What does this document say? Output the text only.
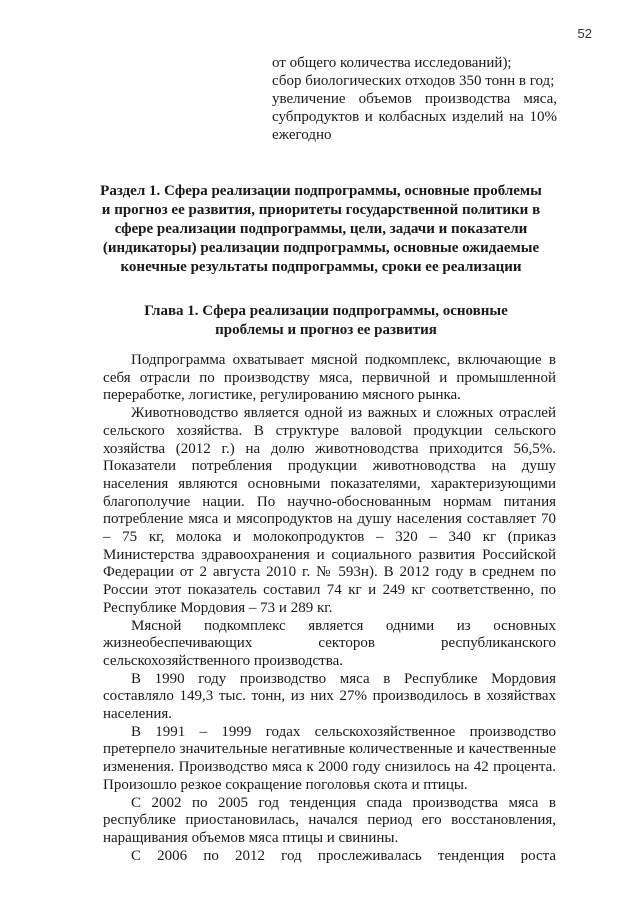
52

от общего количества исследований);

сбор биологических отходов 350 тонн в год;

увеличение объемов производства мяса, субпродуктов и колбасных изделий на 10% ежегодно

Раздел 1. Сфера реализации подпрограммы, основные проблемы и прогноз ее развития, приоритеты государственной политики в сфере реализации подпрограммы, цели, задачи и показатели (индикаторы) реализации подпрограммы, основные ожидаемые конечные результаты подпрограммы, сроки ее реализации
Глава 1. Сфера реализации подпрограммы, основные проблемы и прогноз ее развития

Подпрограмма охватывает мясной подкомплекс, включающие в себя отрасли по производству мяса, первичной и промышленной переработке, логистике, регулированию мясного рынка.

Животноводство является одной из важных и сложных отраслей сельского хозяйства. В структуре валовой продукции сельского хозяйства (2012 г.) на долю животноводства приходится 56,5%. Показатели потребления продукции животноводства на душу населения являются основными показателями, характеризующими благополучие нации. По научно-обоснованным нормам питания потребление мяса и мясопродуктов на душу населения составляет 70 – 75 кг, молока и молокопродуктов – 320 – 340 кг (приказ Министерства здравоохранения и социального развития Российской Федерации от 2 августа 2010 г. № 593н). В 2012 году в среднем по России этот показатель составил 74 кг и 249 кг соответственно, по Республике Мордовия – 73 и 289 кг.

Мясной подкомплекс является одними из основных жизнеобеспечивающих секторов республиканского сельскохозяйственного производства.

В 1990 году производство мяса в Республике Мордовия составляло 149,3 тыс. тонн, из них 27% производилось в хозяйствах населения.

В 1991 – 1999 годах сельскохозяйственное производство претерпело значительные негативные количественные и качественные изменения. Производство мяса к 2000 году снизилось на 42 процента. Произошло резкое сокращение поголовья скота и птицы.

С 2002 по 2005 год тенденция спада производства мяса в республике приостановилась, начался период его восстановления, наращивания объемов мяса птицы и свинины.

С 2006 по 2012 год прослеживалась тенденция роста
